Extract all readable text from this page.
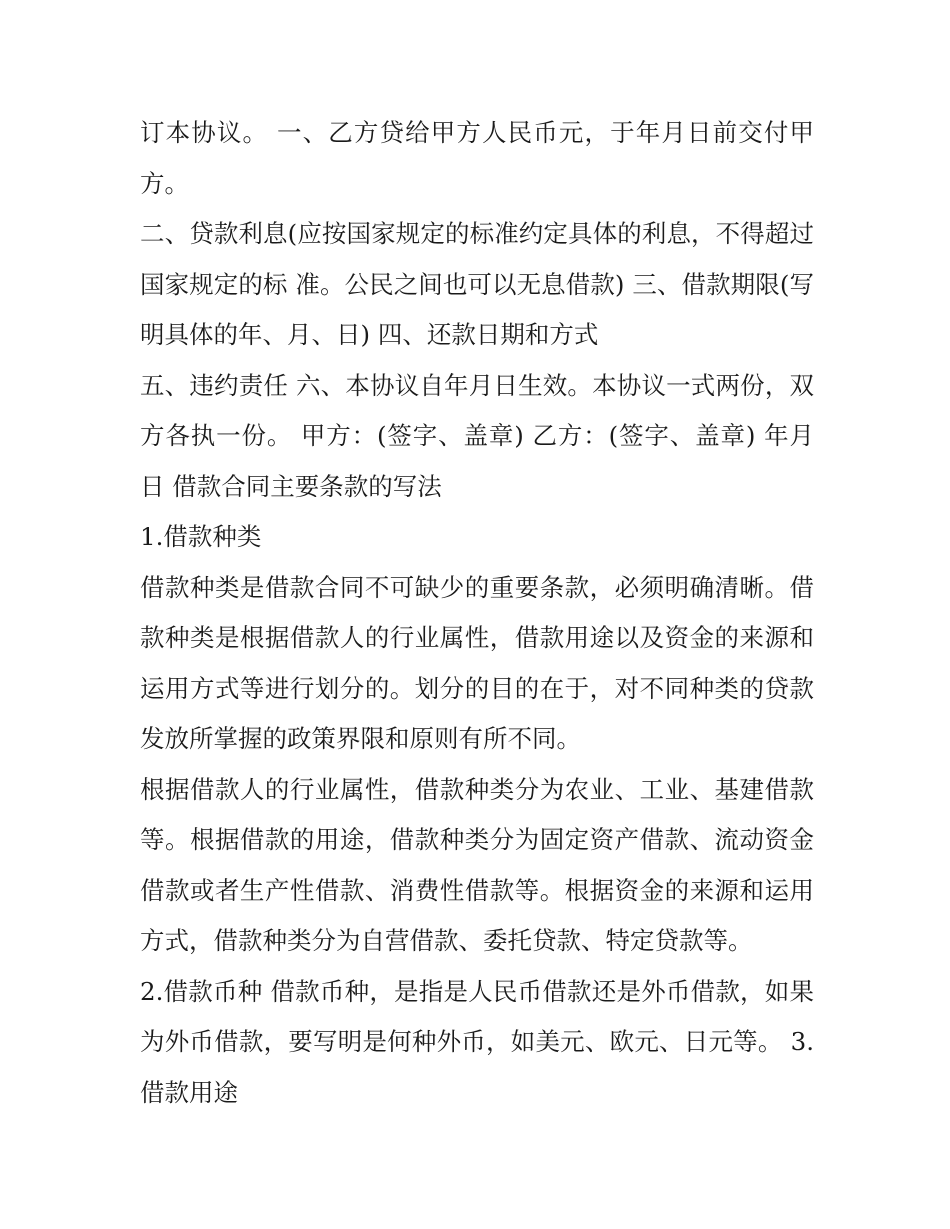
订本协议。 一、乙方贷给甲方人民币元，于年月日前交付甲方。

二、贷款利息(应按国家规定的标准约定具体的利息，不得超过国家规定的标 准。公民之间也可以无息借款) 三、借款期限(写明具体的年、月、日) 四、还款日期和方式

五、违约责任 六、本协议自年月日生效。本协议一式两份，双方各执一份。 甲方：(签字、盖章) 乙方：(签字、盖章) 年月日 借款合同主要条款的写法

1.借款种类

借款种类是借款合同不可缺少的重要条款，必须明确清晰。借款种类是根据借款人的行业属性，借款用途以及资金的来源和运用方式等进行划分的。划分的目的在于，对不同种类的贷款发放所掌握的政策界限和原则有所不同。

根据借款人的行业属性，借款种类分为农业、工业、基建借款等。根据借款的用途，借款种类分为固定资产借款、流动资金借款或者生产性借款、消费性借款等。根据资金的来源和运用方式，借款种类分为自营借款、委托贷款、特定贷款等。

2.借款币种 借款币种，是指是人民币借款还是外币借款，如果为外币借款，要写明是何种外币，如美元、欧元、日元等。 3.借款用途
